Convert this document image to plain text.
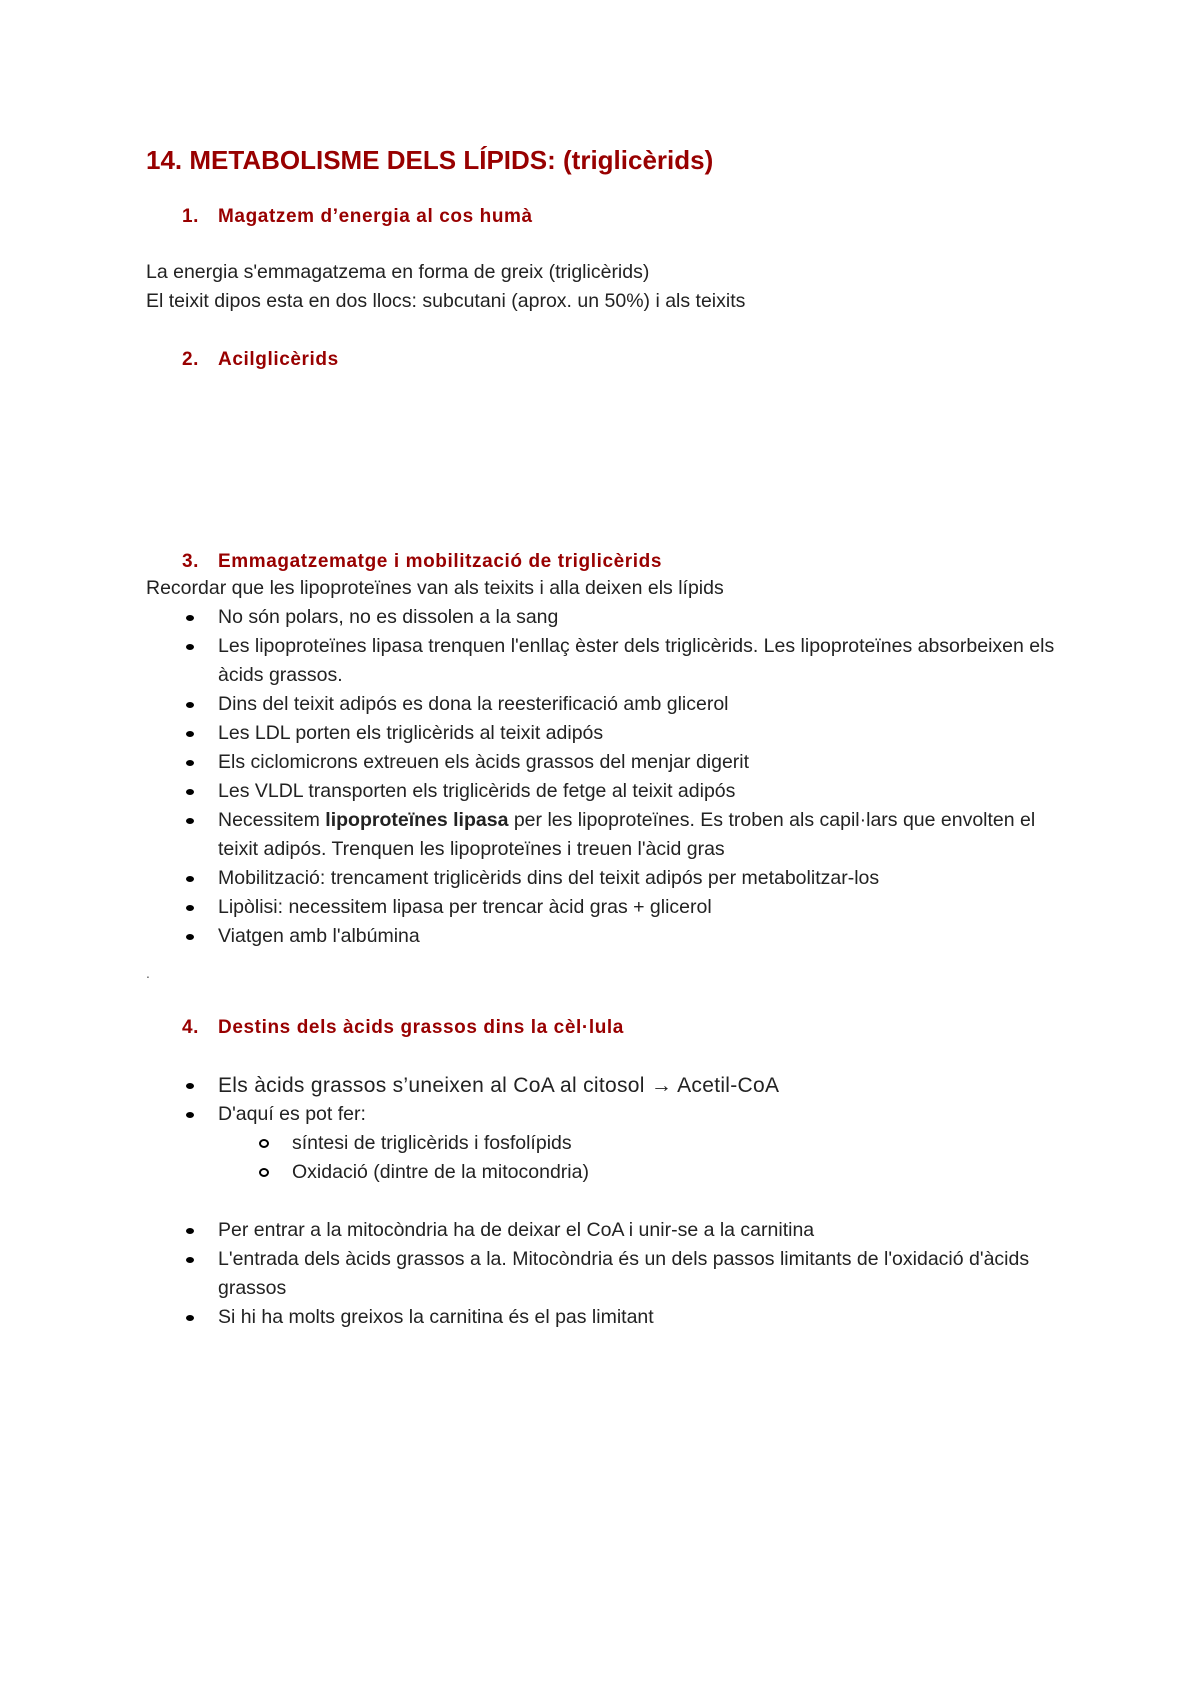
14. METABOLISME DELS LÍPIDS: (triglicèrids)
1. Magatzem d’energia al cos humà
La energia s'emmagatzema en forma de greix (triglicèrids)
El teixit dipos esta en dos llocs: subcutani (aprox. un 50%) i als teixits
2. Acilglicèrids
3. Emmagatzematge i mobilització de triglicèrids
Recordar que les lipoproteïnes van als teixits i alla deixen els lípids
No són polars, no es dissolen a la sang
Les lipoproteïnes lipasa trenquen l'enllaç èster dels triglicèrids. Les lipoproteïnes absorbeixen els àcids grassos.
Dins del teixit adipós es dona la reesterificació amb glicerol
Les LDL porten els triglicèrids al teixit adipós
Els ciclomicrons extreuen els àcids grassos del menjar digerit
Les VLDL transporten els triglicèrids de fetge al teixit adipós
Necessitem lipoproteïnes lipasa per les lipoproteïnes. Es troben als capil·lars que envolten el teixit adipós. Trenquen les lipoproteïnes i treuen l'àcid gras
Mobilització: trencament triglicèrids dins del teixit adipós per metabolitzar-los
Lipòlisi: necessitem lipasa per trencar àcid gras + glicerol
Viatgen amb l'albúmina
.
4. Destins dels àcids grassos dins la cèl·lula
Els àcids grassos s’uneixen al CoA al citosol → Acetil-CoA
D'aquí es pot fer:
síntesi de triglicèrids i fosfolípids
Oxidació (dintre de la mitocondria)
Per entrar a la mitocòndria ha de deixar el CoA i unir-se a la carnitina
L'entrada dels àcids grassos a la. Mitocòndria és un dels passos limitants de l'oxidació d'àcids grassos
Si hi ha molts greixos la carnitina és el pas limitant
